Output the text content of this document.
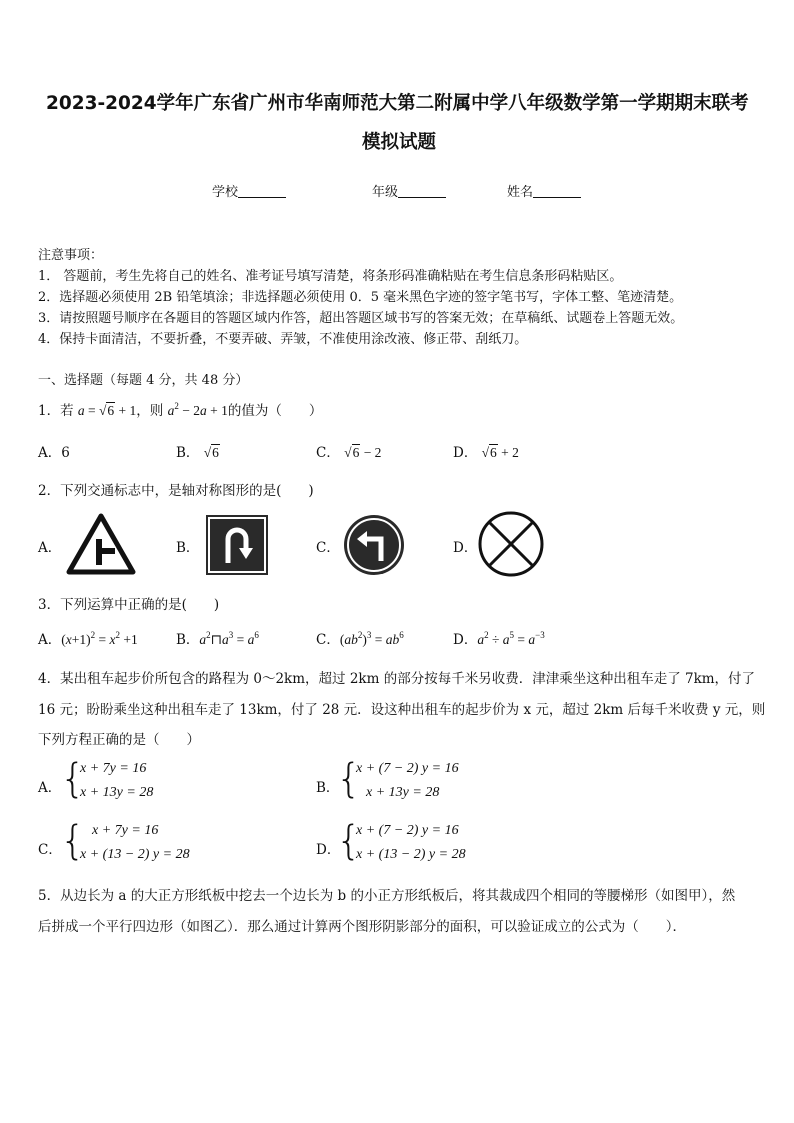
2023-2024学年广东省广州市华南师范大第二附属中学八年级数学第一学期期末联考
模拟试题
学校	年级	姓名
注意事项：
1． 答题前，考生先将自己的姓名、准考证号填写清楚，将条形码准确粘贴在考生信息条形码粘贴区。
2．选择题必须使用 2B 铅笔填涂；非选择题必须使用 0．5 毫米黑色字迹的签字笔书写，字体工整、笔迹清楚。
3．请按照题号顺序在各题目的答题区域内作答，超出答题区域书写的答案无效；在草稿纸、试题卷上答题无效。
4．保持卡面清洁，不要折叠，不要弄破、弄皱，不准使用涂改液、修正带、刮纸刀。
一、选择题（每题 4 分，共 48 分）
1．若 a = √6 + 1，则 $a^2 - 2a + 1$的值为（　　）
A．6	B． √6	C． √6 − 2	D． √6 + 2
2．下列交通标志中，是轴对称图形的是(　　)
A．	B．	C．	D．
3．下列运算中正确的是(　　)
A．$(x+1)^2 = x^2 +1$	B．$a^2⊓a^3 = a^6$	C．$(ab^2)^3 = ab^6$	D．$a^2 \div a^5 = a^{-3}$
4．某出租车起步价所包含的路程为 0～2km，超过 2km 的部分按每千米另收费．津津乘坐这种出租车走了 7km，付了
16 元；盼盼乘坐这种出租车走了 13km，付了 28 元．设这种出租车的起步价为 x 元，超过 2km 后每千米收费 y 元，则
下列方程正确的是（　　）
A．
{
x + 7y = 16
x + 13y = 28	B．
{
x + (7 − 2) y = 16
x + 13y = 28
C．
{ x + 7y = 16
x + (13 − 2) y = 28	D．
{
x + (7 − 2) y = 16
x + (13 − 2) y = 28
5．从边长为 a 的大正方形纸板中挖去一个边长为 b 的小正方形纸板后，将其裁成四个相同的等腰梯形（如图甲），然
后拼成一个平行四边形（如图乙）．那么通过计算两个图形阴影部分的面积，可以验证成立的公式为（　　）．
